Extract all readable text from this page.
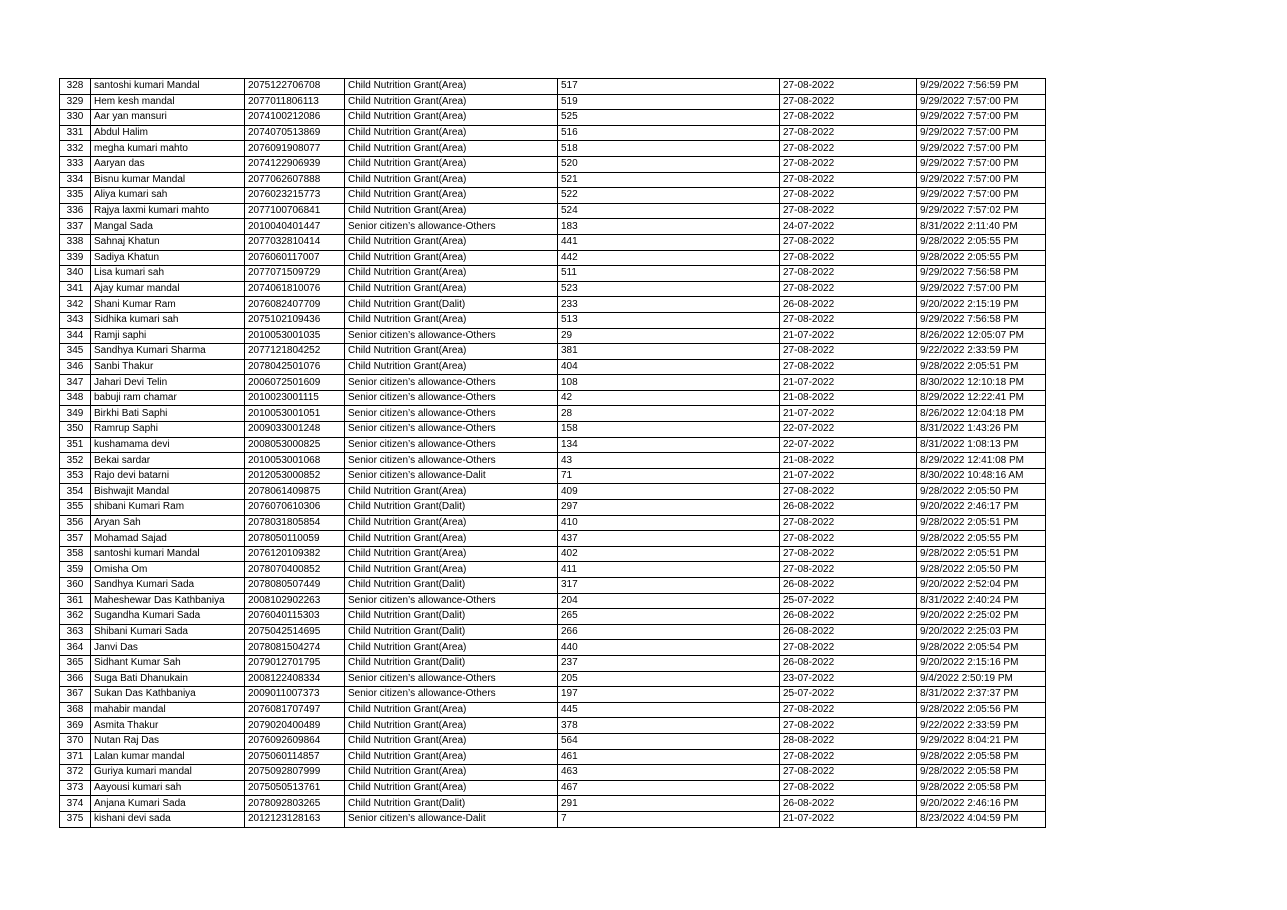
328	santoshi kumari Mandal	2075122706708	Child Nutrition Grant(Area)	517	27-08-2022	9/29/2022 7:56:59 PM
329	Hem kesh mandal	2077011806113	Child Nutrition Grant(Area)	519	27-08-2022	9/29/2022 7:57:00 PM
330	Aar yan mansuri	2074100212086	Child Nutrition Grant(Area)	525	27-08-2022	9/29/2022 7:57:00 PM
331	Abdul Halim	2074070513869	Child Nutrition Grant(Area)	516	27-08-2022	9/29/2022 7:57:00 PM
332	megha kumari mahto	2076091908077	Child Nutrition Grant(Area)	518	27-08-2022	9/29/2022 7:57:00 PM
333	Aaryan das	2074122906939	Child Nutrition Grant(Area)	520	27-08-2022	9/29/2022 7:57:00 PM
334	Bisnu kumar Mandal	2077062607888	Child Nutrition Grant(Area)	521	27-08-2022	9/29/2022 7:57:00 PM
335	Aliya kumari sah	2076023215773	Child Nutrition Grant(Area)	522	27-08-2022	9/29/2022 7:57:00 PM
336	Rajya laxmi kumari mahto	2077100706841	Child Nutrition Grant(Area)	524	27-08-2022	9/29/2022 7:57:02 PM
337	Mangal Sada	2010040401447	Senior citizen’s allowance-Others	183	24-07-2022	8/31/2022 2:11:40 PM
338	Sahnaj Khatun	2077032810414	Child Nutrition Grant(Area)	441	27-08-2022	9/28/2022 2:05:55 PM
339	Sadiya Khatun	2076060117007	Child Nutrition Grant(Area)	442	27-08-2022	9/28/2022 2:05:55 PM
340	Lisa kumari sah	2077071509729	Child Nutrition Grant(Area)	511	27-08-2022	9/29/2022 7:56:58 PM
341	Ajay kumar mandal	2074061810076	Child Nutrition Grant(Area)	523	27-08-2022	9/29/2022 7:57:00 PM
342	Shani Kumar Ram	2076082407709	Child Nutrition Grant(Dalit)	233	26-08-2022	9/20/2022 2:15:19 PM
343	Sidhika kumari sah	2075102109436	Child Nutrition Grant(Area)	513	27-08-2022	9/29/2022 7:56:58 PM
344	Ramji saphi	2010053001035	Senior citizen’s allowance-Others	29	21-07-2022	8/26/2022 12:05:07 PM
345	Sandhya Kumari Sharma	2077121804252	Child Nutrition Grant(Area)	381	27-08-2022	9/22/2022 2:33:59 PM
346	Sanbi Thakur	2078042501076	Child Nutrition Grant(Area)	404	27-08-2022	9/28/2022 2:05:51 PM
347	Jahari Devi Telin	2006072501609	Senior citizen’s allowance-Others	108	21-07-2022	8/30/2022 12:10:18 PM
348	babuji ram chamar	2010023001115	Senior citizen’s allowance-Others	42	21-08-2022	8/29/2022 12:22:41 PM
349	Birkhi Bati Saphi	2010053001051	Senior citizen’s allowance-Others	28	21-07-2022	8/26/2022 12:04:18 PM
350	Ramrup Saphi	2009033001248	Senior citizen’s allowance-Others	158	22-07-2022	8/31/2022 1:43:26 PM
351	kushamama devi	2008053000825	Senior citizen’s allowance-Others	134	22-07-2022	8/31/2022 1:08:13 PM
352	Bekai sardar	2010053001068	Senior citizen’s allowance-Others	43	21-08-2022	8/29/2022 12:41:08 PM
353	Rajo devi batarni	2012053000852	Senior citizen’s allowance-Dalit	71	21-07-2022	8/30/2022 10:48:16 AM
354	Bishwajit Mandal	2078061409875	Child Nutrition Grant(Area)	409	27-08-2022	9/28/2022 2:05:50 PM
355	shibani Kumari Ram	2076070610306	Child Nutrition Grant(Dalit)	297	26-08-2022	9/20/2022 2:46:17 PM
356	Aryan Sah	2078031805854	Child Nutrition Grant(Area)	410	27-08-2022	9/28/2022 2:05:51 PM
357	Mohamad Sajad	2078050110059	Child Nutrition Grant(Area)	437	27-08-2022	9/28/2022 2:05:55 PM
358	santoshi kumari Mandal	2076120109382	Child Nutrition Grant(Area)	402	27-08-2022	9/28/2022 2:05:51 PM
359	Omisha Om	2078070400852	Child Nutrition Grant(Area)	411	27-08-2022	9/28/2022 2:05:50 PM
360	Sandhya Kumari Sada	2078080507449	Child Nutrition Grant(Dalit)	317	26-08-2022	9/20/2022 2:52:04 PM
361	Maheshewar Das Kathbaniya	2008102902263	Senior citizen’s allowance-Others	204	25-07-2022	8/31/2022 2:40:24 PM
362	Sugandha Kumari Sada	2076040115303	Child Nutrition Grant(Dalit)	265	26-08-2022	9/20/2022 2:25:02 PM
363	Shibani Kumari Sada	2075042514695	Child Nutrition Grant(Dalit)	266	26-08-2022	9/20/2022 2:25:03 PM
364	Janvi Das	2078081504274	Child Nutrition Grant(Area)	440	27-08-2022	9/28/2022 2:05:54 PM
365	Sidhant Kumar Sah	2079012701795	Child Nutrition Grant(Dalit)	237	26-08-2022	9/20/2022 2:15:16 PM
366	Suga Bati Dhanukain	2008122408334	Senior citizen’s allowance-Others	205	23-07-2022	9/4/2022 2:50:19 PM
367	Sukan Das Kathbaniya	2009011007373	Senior citizen’s allowance-Others	197	25-07-2022	8/31/2022 2:37:37 PM
368	mahabir mandal	2076081707497	Child Nutrition Grant(Area)	445	27-08-2022	9/28/2022 2:05:56 PM
369	Asmita Thakur	2079020400489	Child Nutrition Grant(Area)	378	27-08-2022	9/22/2022 2:33:59 PM
370	Nutan Raj Das	2076092609864	Child Nutrition Grant(Area)	564	28-08-2022	9/29/2022 8:04:21 PM
371	Lalan kumar mandal	2075060114857	Child Nutrition Grant(Area)	461	27-08-2022	9/28/2022 2:05:58 PM
372	Guriya kumari mandal	2075092807999	Child Nutrition Grant(Area)	463	27-08-2022	9/28/2022 2:05:58 PM
373	Aayousi kumari sah	2075050513761	Child Nutrition Grant(Area)	467	27-08-2022	9/28/2022 2:05:58 PM
374	Anjana Kumari Sada	2078092803265	Child Nutrition Grant(Dalit)	291	26-08-2022	9/20/2022 2:46:16 PM
375	kishani devi sada	2012123128163	Senior citizen’s allowance-Dalit	7	21-07-2022	8/23/2022 4:04:59 PM
